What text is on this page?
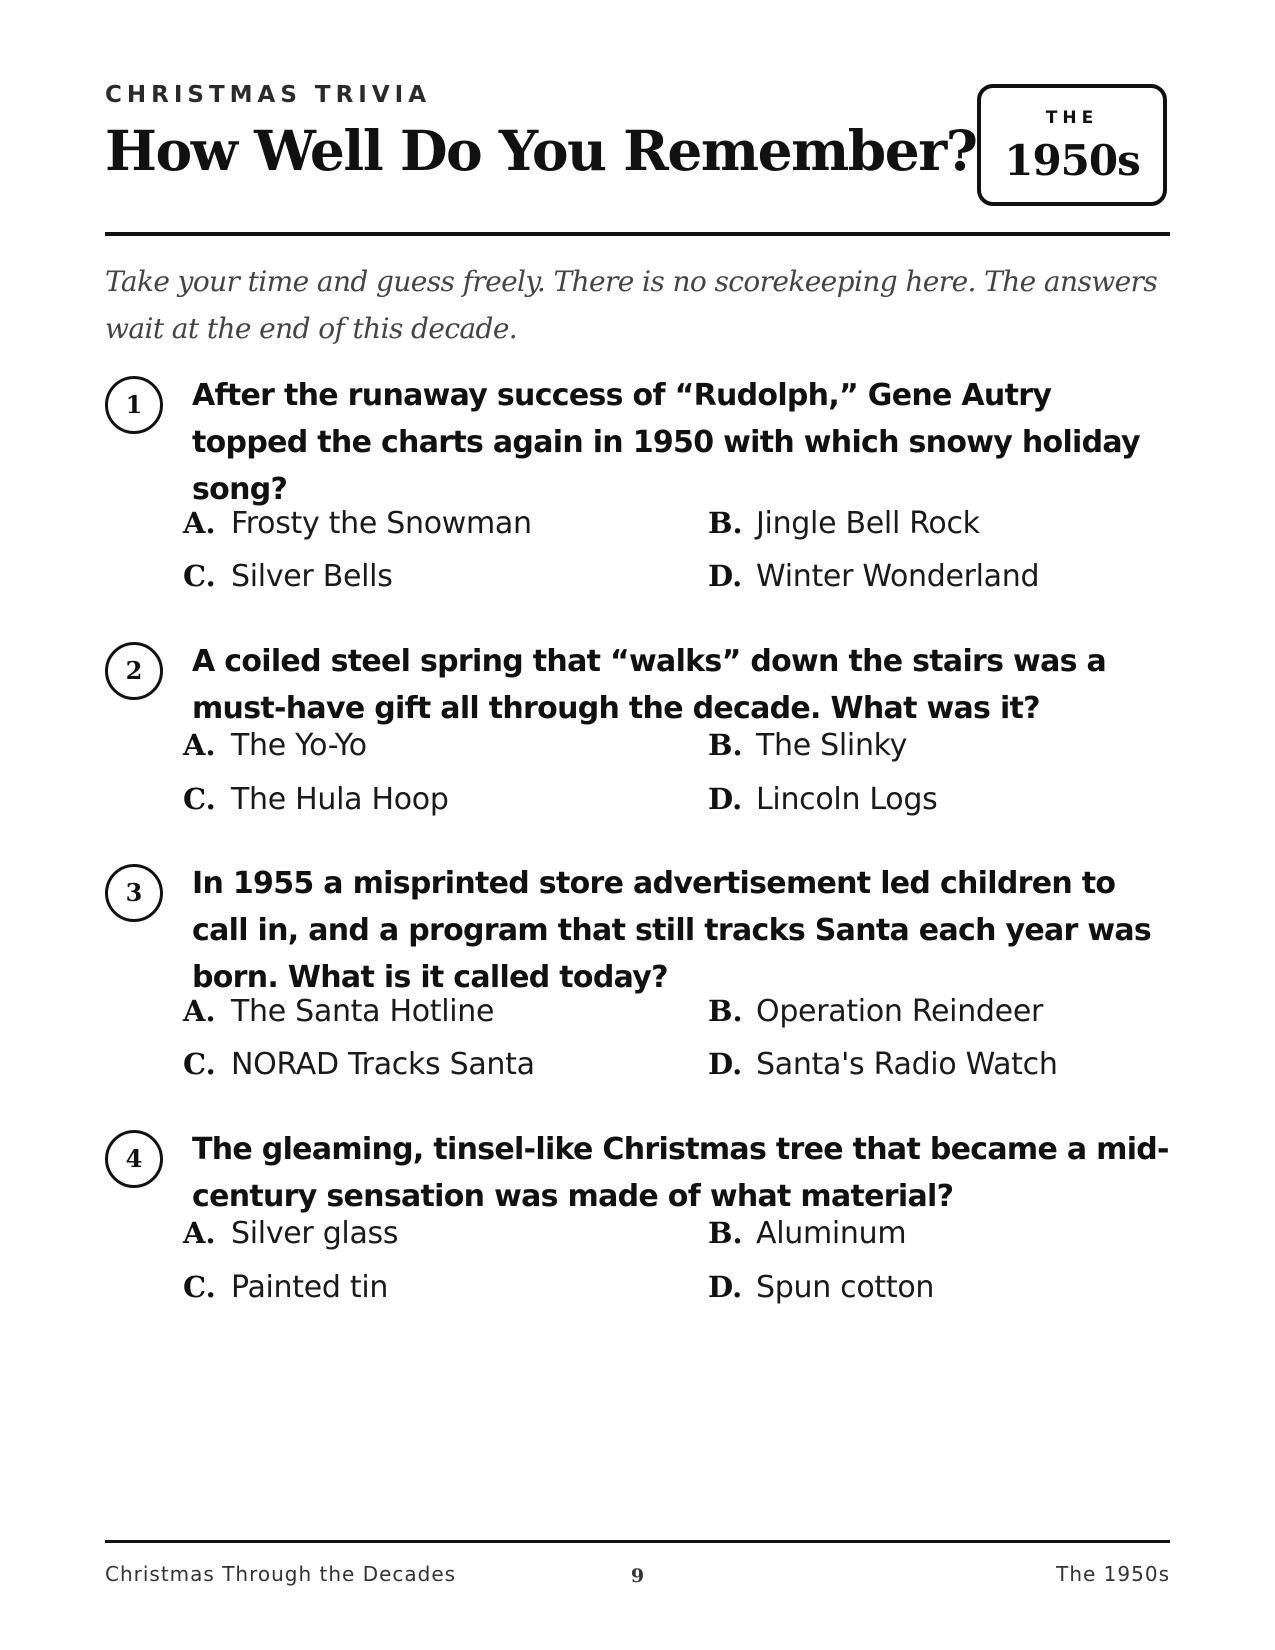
CHRISTMAS TRIVIA
How Well Do You Remember?	THE
1950s
Take your time and guess freely. There is no scorekeeping here. The answers wait at the end of this decade.
1	After the runaway success of “Rudolph,” Gene Autry topped the charts again in 1950 with which snowy holiday song?
A. Frosty the Snowman	B. Jingle Bell Rock
C. Silver Bells	D. Winter Wonderland
2	A coiled steel spring that “walks” down the stairs was a must-have gift all through the decade. What was it?
A. The Yo-Yo	B. The Slinky
C. The Hula Hoop	D. Lincoln Logs
3	In 1955 a misprinted store advertisement led children to call in, and a program that still tracks Santa each year was born. What is it called today?
A. The Santa Hotline	B. Operation Reindeer
C. NORAD Tracks Santa	D. Santa's Radio Watch
4	The gleaming, tinsel-like Christmas tree that became a mid-century sensation was made of what material?
A. Silver glass	B. Aluminum
C. Painted tin	D. Spun cotton
Christmas Through the Decades	9	The 1950s
